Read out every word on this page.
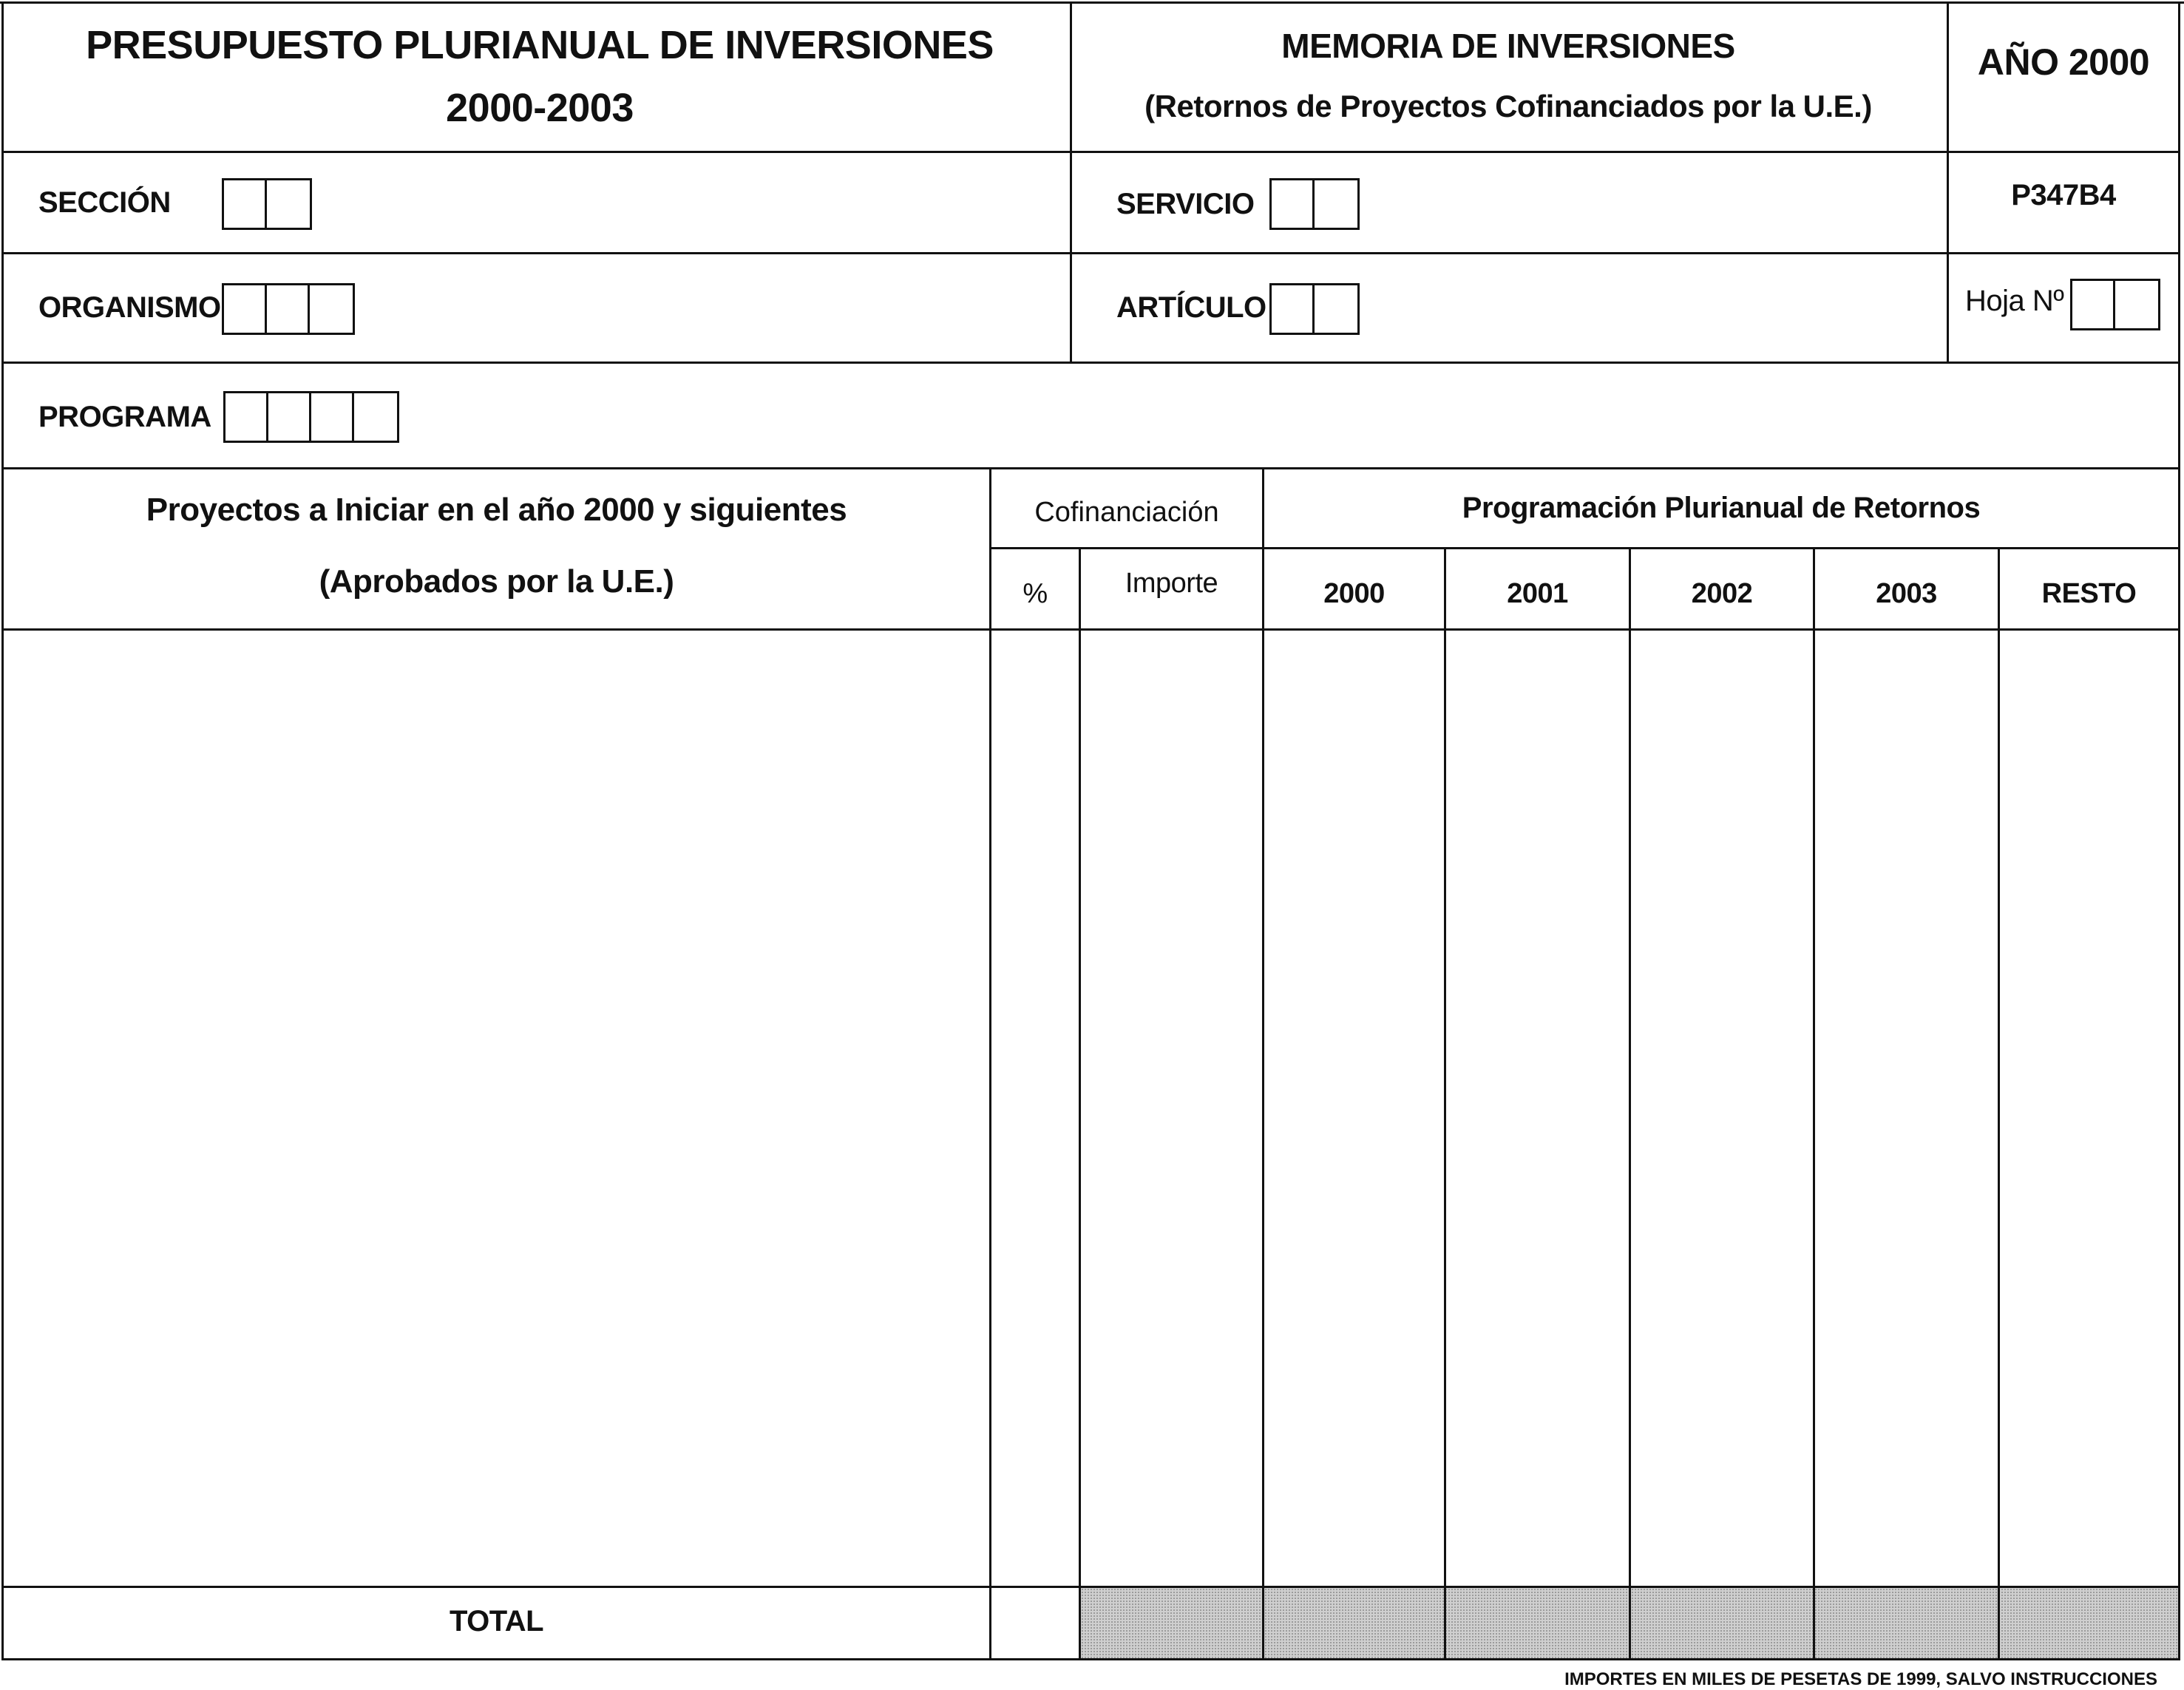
PRESUPUESTO PLURIANUAL DE INVERSIONES
2000-2003
MEMORIA DE INVERSIONES
(Retornos de Proyectos Cofinanciados por la U.E.)
AÑO 2000
SECCIÓN	SERVICIO	P347B4
ORGANISMO	ARTÍCULO	Hoja Nº
PROGRAMA
Proyectos a Iniciar en el año 2000 y siguientes
(Aprobados por la U.E.)
Cofinanciación
%	Importe
Programación Plurianual de Retornos
2000	2001	2002	2003	RESTO
TOTAL
IMPORTES EN MILES DE PESETAS DE 1999, SALVO INSTRUCCIONES
